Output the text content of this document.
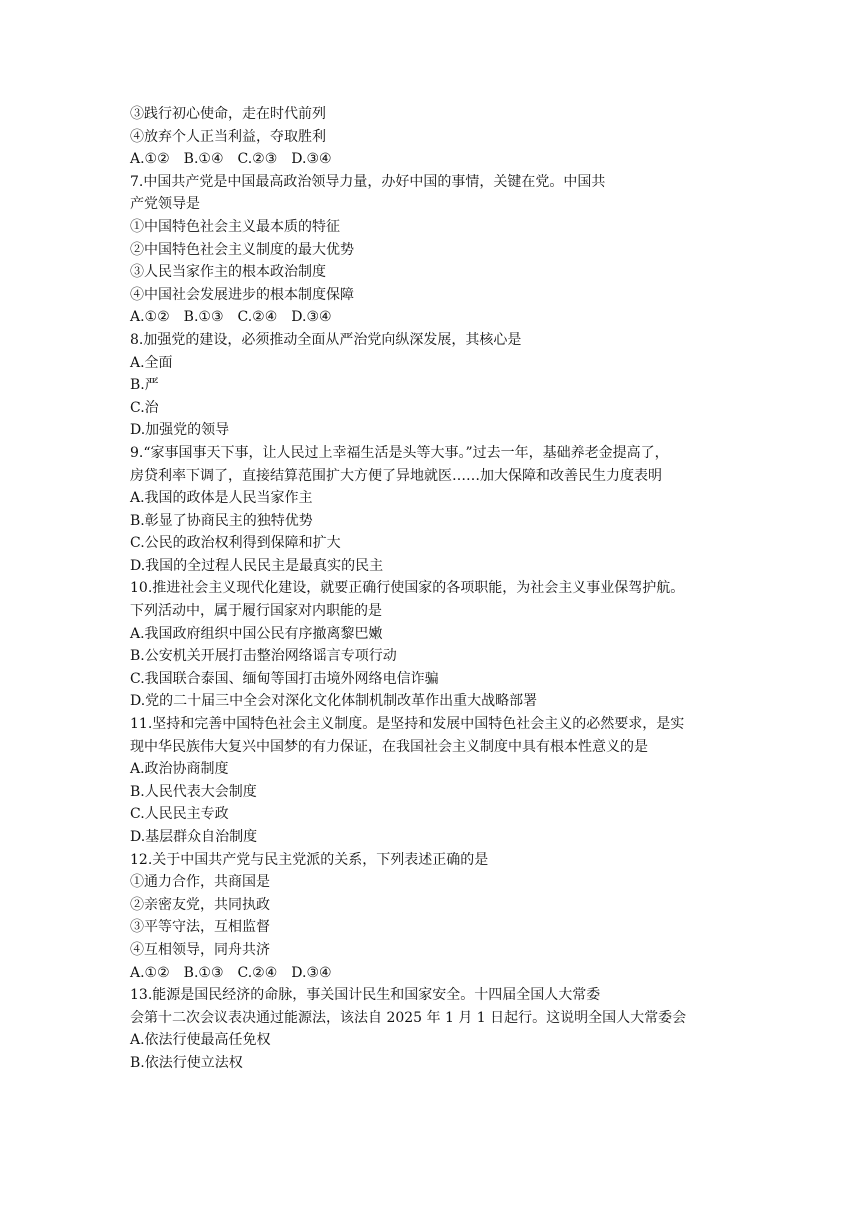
③践行初心使命，走在时代前列
④放弃个人正当利益，夺取胜利
A.①②　B.①④　C.②③　D.③④
7.中国共产党是中国最高政治领导力量，办好中国的事情，关键在党。中国共
产党领导是
①中国特色社会主义最本质的特征
②中国特色社会主义制度的最大优势
③人民当家作主的根本政治制度
④中国社会发展进步的根本制度保障
A.①②　B.①③　C.②④　D.③④
8.加强党的建设，必须推动全面从严治党向纵深发展，其核心是
A.全面
B.严
C.治
D.加强党的领导
9.“家事国事天下事，让人民过上幸福生活是头等大事。”过去一年，基础养老金提高了，
房贷利率下调了，直接结算范围扩大方便了异地就医……加大保障和改善民生力度表明
A.我国的政体是人民当家作主
B.彰显了协商民主的独特优势
C.公民的政治权利得到保障和扩大
D.我国的全过程人民民主是最真实的民主
10.推进社会主义现代化建设，就要正确行使国家的各项职能，为社会主义事业保驾护航。
下列活动中，属于履行国家对内职能的是
A.我国政府组织中国公民有序撤离黎巴嫩
B.公安机关开展打击整治网络谣言专项行动
C.我国联合泰国、缅甸等国打击境外网络电信诈骗
D.党的二十届三中全会对深化文化体制机制改革作出重大战略部署
11.坚持和完善中国特色社会主义制度。是坚持和发展中国特色社会主义的必然要求，是实
现中华民族伟大复兴中国梦的有力保证，在我国社会主义制度中具有根本性意义的是
A.政治协商制度
B.人民代表大会制度
C.人民民主专政
D.基层群众自治制度
12.关于中国共产党与民主党派的关系，下列表述正确的是
①通力合作，共商国是
②亲密友党，共同执政
③平等守法，互相监督
④互相领导，同舟共济
A.①②　B.①③　C.②④　D.③④
13.能源是国民经济的命脉，事关国计民生和国家安全。十四届全国人大常委
会第十二次会议表决通过能源法，该法自 2025 年 1 月 1 日起行。这说明全国人大常委会
A.依法行使最高任免权
B.依法行使立法权
